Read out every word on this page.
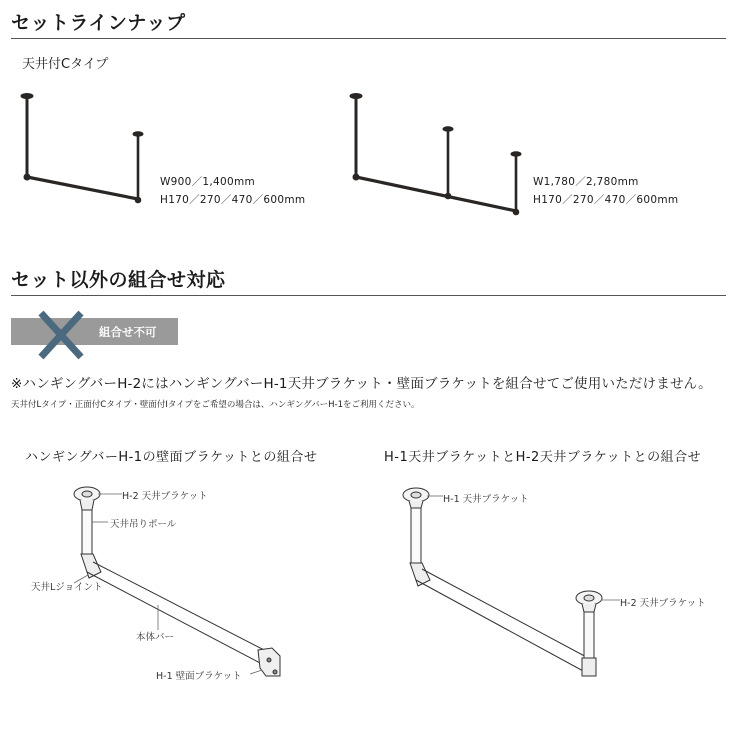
セットラインナップ
天井付Cタイプ
W900／1,400mm
H170／270／470／600mm
W1,780／2,780mm
H170／270／470／600mm
セット以外の組合せ対応
組合せ不可
※ハンギングバーH-2にはハンギングバーH-1天井ブラケット・壁面ブラケットを組合せてご使用いただけません。
天井付Lタイプ・正面付Cタイプ・壁面付Iタイプをご希望の場合は、ハンギングバーH-1をご利用ください。
ハンギングバーH-1の壁面ブラケットとの組合せ	H-1天井ブラケットとH-2天井ブラケットとの組合せ
H-2 天井ブラケット
天井吊りポール
天井Lジョイント
本体バー
H-1 壁面ブラケット
H-1 天井ブラケット
H-2 天井ブラケット
